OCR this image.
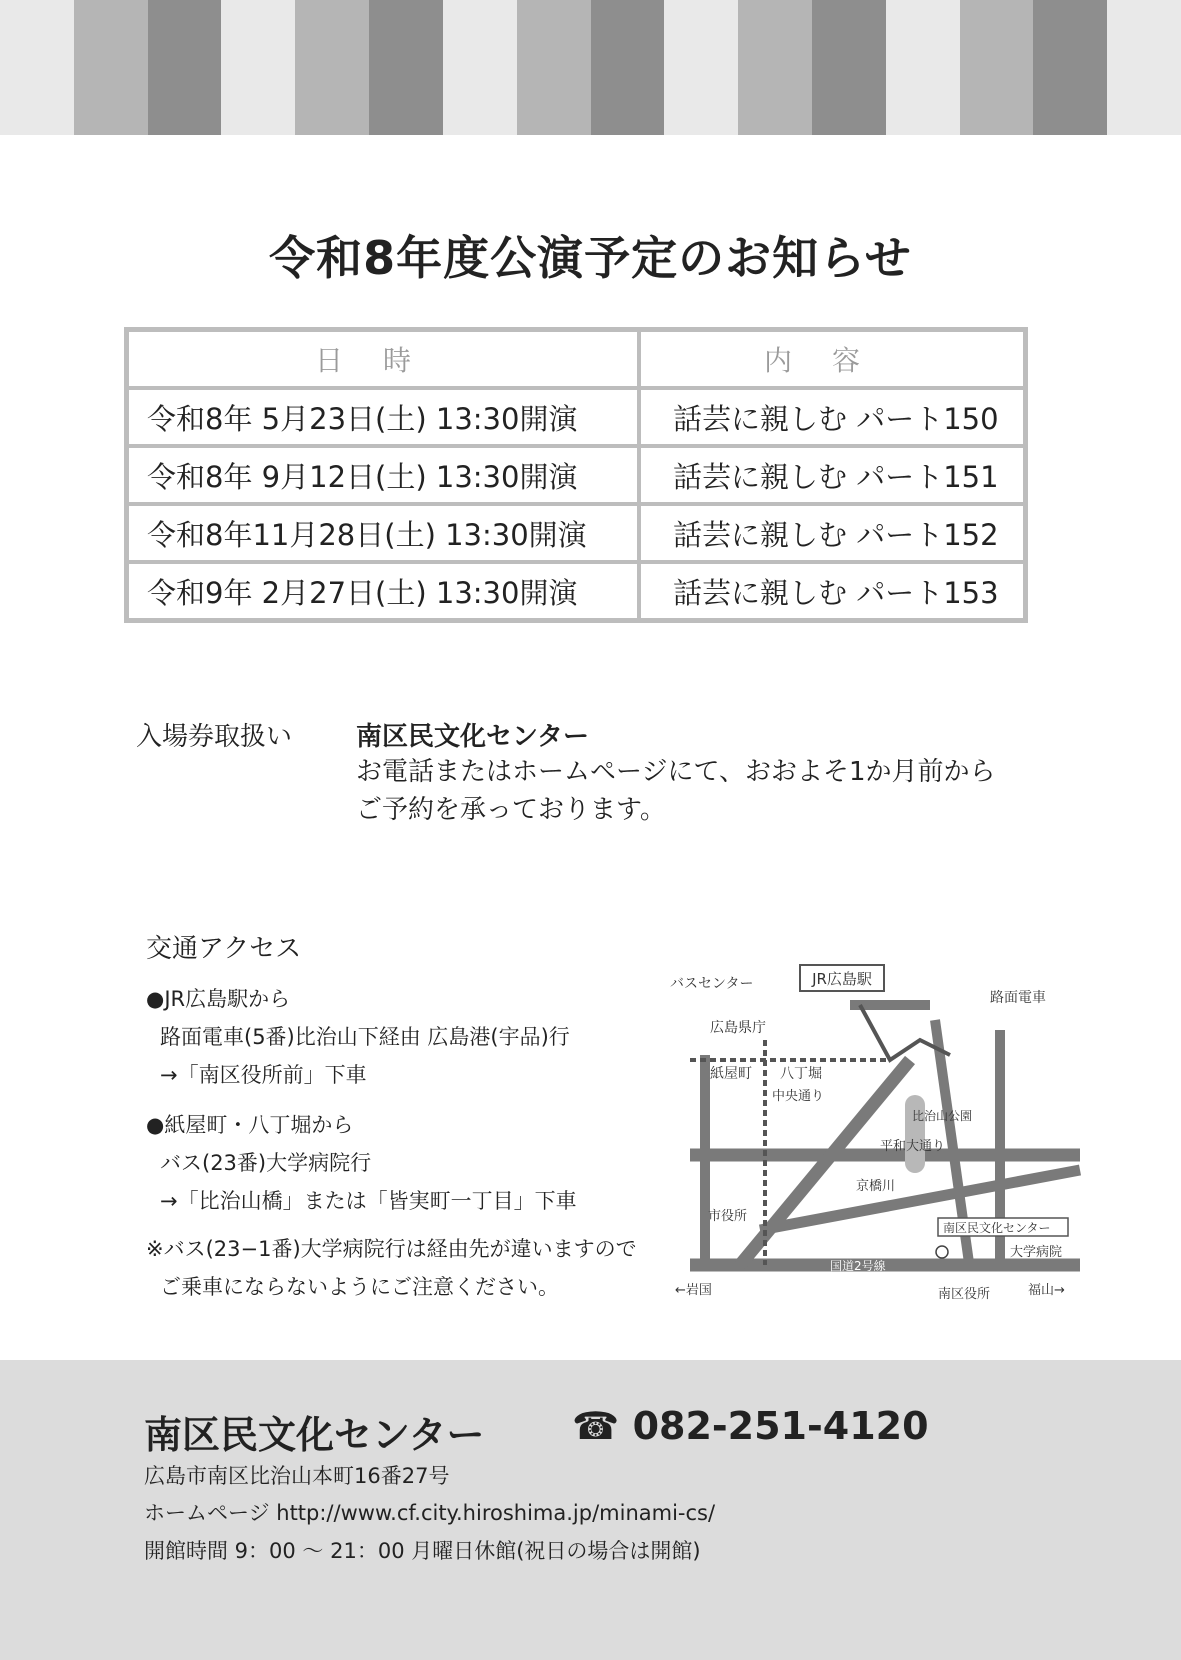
令和8年度公演予定のお知らせ
日時	内容
令和8年 5月23日(土) 13:30開演	話芸に親しむ パート150
令和8年 9月12日(土) 13:30開演	話芸に親しむ パート151
令和8年11月28日(土) 13:30開演	話芸に親しむ パート152
令和9年 2月27日(土) 13:30開演	話芸に親しむ パート153
入場券取扱い 南区民文化センター
お電話またはホームページにて、おおよそ1か月前から
ご予約を承っております。
交通アクセス
●JR広島駅から
路面電車(5番)比治山下経由 広島港(宇品)行
→「南区役所前」下車
●紙屋町・八丁堀から
バス(23番)大学病院行
→「比治山橋」または「皆実町一丁目」下車
※バス(23−1番)大学病院行は経由先が違いますので
ご乗車にならないようにご注意ください。
JR広島駅
バスセンター
路面電車
広島県庁
紙屋町 八丁堀
中央通り
平和大通り
比治山公園
京橋川
市役所
南区民文化センター
大学病院
国道2号線
←岩国	南区役所	福山→
南区民文化センター ☎ 082-251-4120
広島市南区比治山本町16番27号
ホームページ http://www.cf.city.hiroshima.jp/minami-cs/
開館時間 9：00 ～ 21：00 月曜日休館(祝日の場合は開館)
